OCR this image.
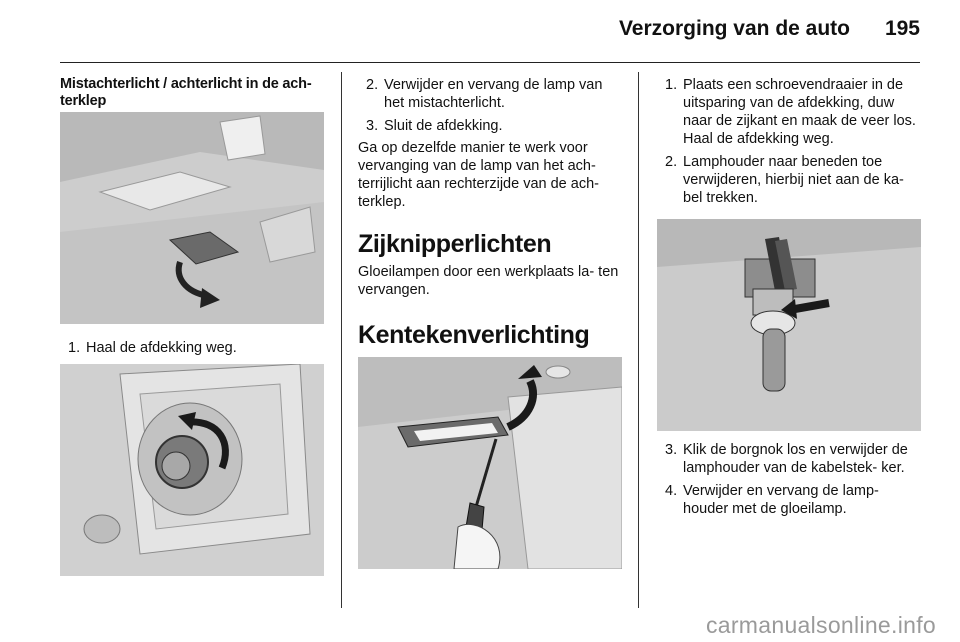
Verzorging van de auto	195
Mistachterlicht / achterlicht in de ach- terklep
1. Haal de afdekking weg.
2. Verwijder en vervang de lamp van het mistachterlicht.
3. Sluit de afdekking.
Ga op dezelfde manier te werk voor vervanging van de lamp van het ach- terrijlicht aan rechterzijde van de ach- terklep.
Zijknipperlichten
Gloeilampen door een werkplaats la- ten vervangen.
Kentekenverlichting
1. Plaats een schroevendraaier in de uitsparing van de afdekking, duw naar de zijkant en maak de veer los. Haal de afdekking weg.
2. Lamphouder naar beneden toe verwijderen, hierbij niet aan de ka- bel trekken.
3. Klik de borgnok los en verwijder de lamphouder van de kabelstek- ker.
4. Verwijder en vervang de lamp- houder met de gloeilamp.
carmanualsonline.info
